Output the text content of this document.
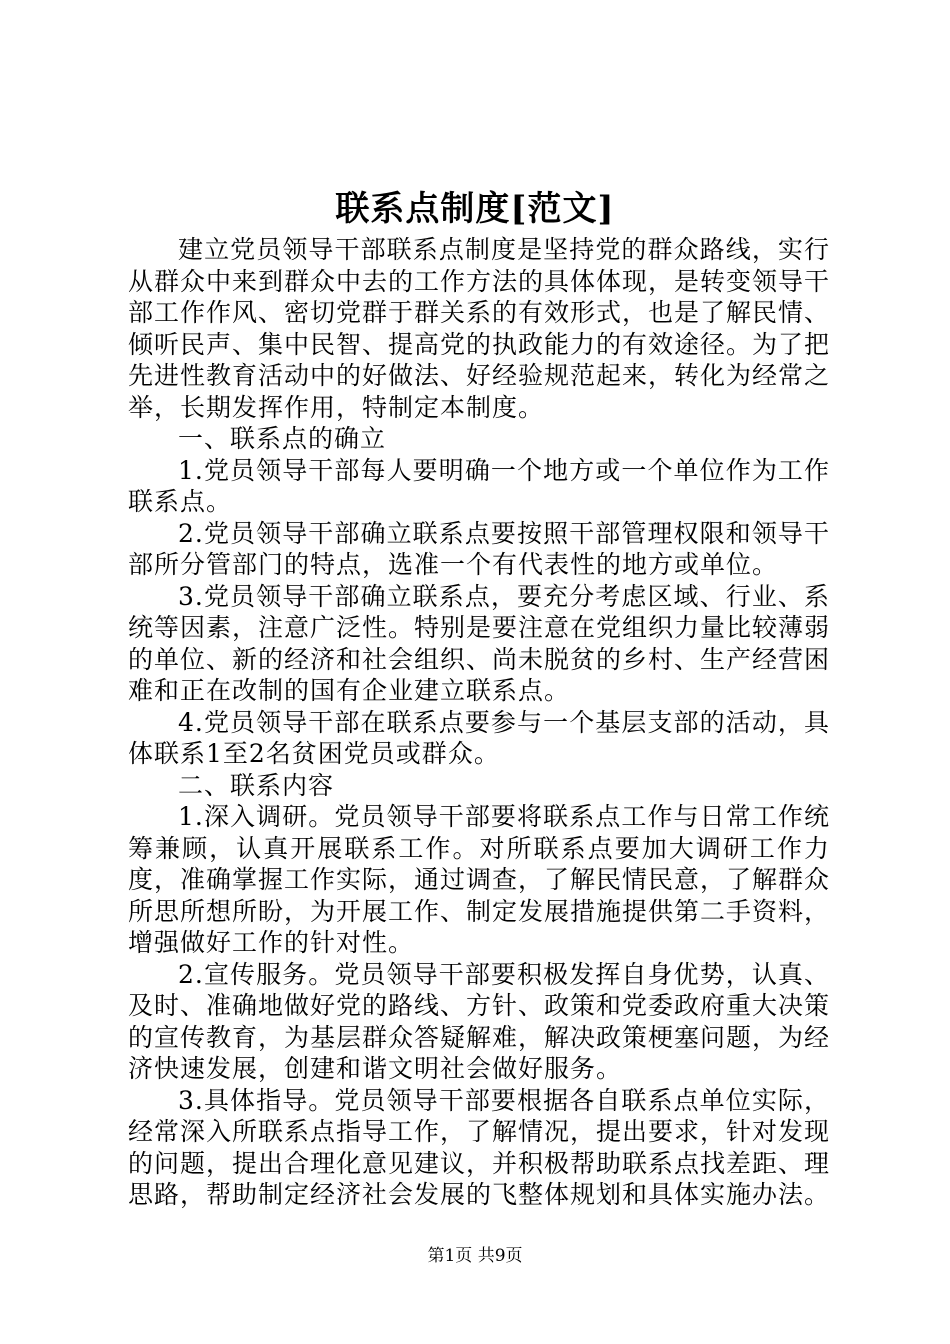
联系点制度[范文]

建立党员领导干部联系点制度是坚持党的群众路线，实行从群众中来到群众中去的工作方法的具体体现，是转变领导干部工作作风、密切党群于群关系的有效形式，也是了解民情、倾听民声、集中民智、提高党的执政能力的有效途径。为了把先进性教育活动中的好做法、好经验规范起来，转化为经常之举，长期发挥作用，特制定本制度。

一、联系点的确立

1.党员领导干部每人要明确一个地方或一个单位作为工作联系点。

2.党员领导干部确立联系点要按照干部管理权限和领导干部所分管部门的特点，选准一个有代表性的地方或单位。

3.党员领导干部确立联系点，要充分考虑区域、行业、系统等因素，注意广泛性。特别是要注意在党组织力量比较薄弱的单位、新的经济和社会组织、尚未脱贫的乡村、生产经营困难和正在改制的国有企业建立联系点。

4.党员领导干部在联系点要参与一个基层支部的活动，具体联系1至2名贫困党员或群众。

二、联系内容

1.深入调研。党员领导干部要将联系点工作与日常工作统筹兼顾，认真开展联系工作。对所联系点要加大调研工作力度，准确掌握工作实际，通过调查，了解民情民意，了解群众所思所想所盼，为开展工作、制定发展措施提供第二手资料，增强做好工作的针对性。

2.宣传服务。党员领导干部要积极发挥自身优势，认真、及时、准确地做好党的路线、方针、政策和党委政府重大决策的宣传教育，为基层群众答疑解难，解决政策梗塞问题，为经济快速发展，创建和谐文明社会做好服务。

3.具体指导。党员领导干部要根据各自联系点单位实际，经常深入所联系点指导工作，了解情况，提出要求，针对发现的问题，提出合理化意见建议，并积极帮助联系点找差距、理思路，帮助制定经济社会发展的飞整体规划和具体实施办法。

第1页 共9页
